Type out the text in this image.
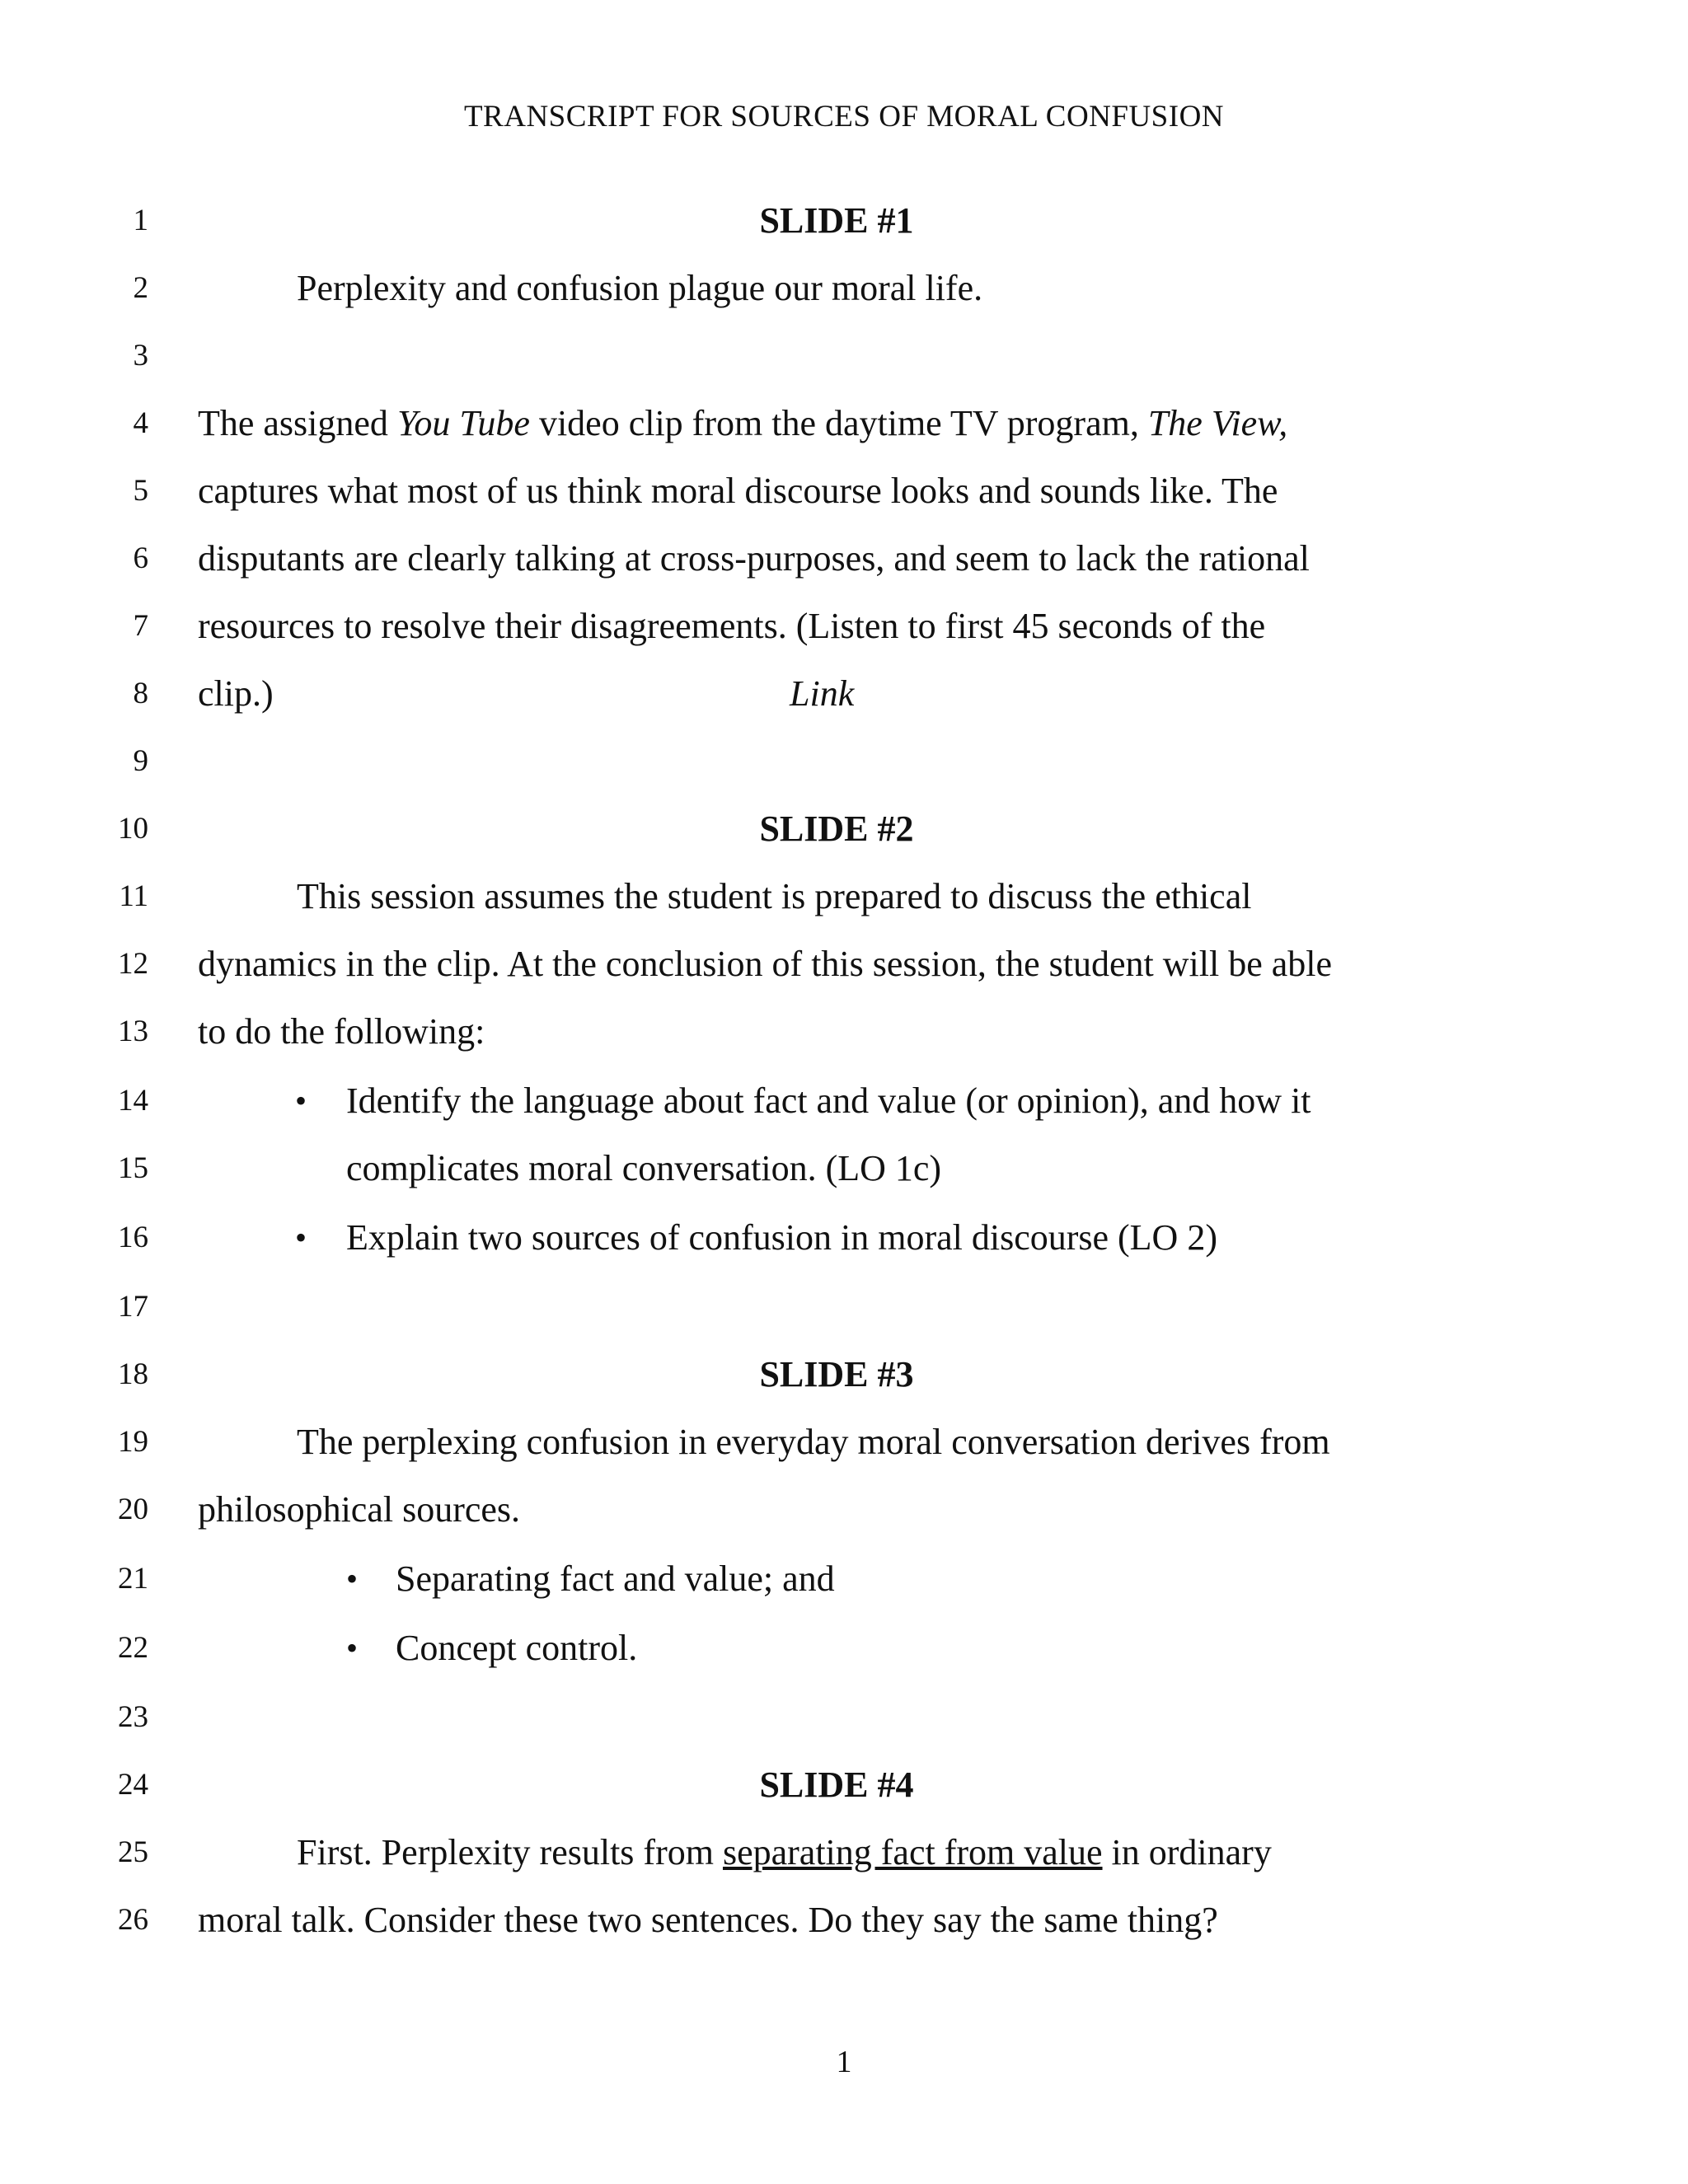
TRANSCRIPT FOR SOURCES OF MORAL CONFUSION
1
2
3
4
5
6
7
8
9
10
11
12
13
14
15
16
17
18
19
20
21
22
23
24
25
26
SLIDE #1
Perplexity and confusion plague our moral life.
The assigned You Tube video clip from the daytime TV program, The View,
captures what most of us think moral discourse looks and sounds like. The
disputants are clearly talking at cross-purposes, and seem to lack the rational
resources to resolve their disagreements. (Listen to first 45 seconds of the
clip.)	Link
SLIDE #2
This session assumes the student is prepared to discuss the ethical
dynamics in the clip. At the conclusion of this session, the student will be able
to do the following:
• Identify the language about fact and value (or opinion), and how it
complicates moral conversation. (LO 1c)
• Explain two sources of confusion in moral discourse (LO 2)
SLIDE #3
The perplexing confusion in everyday moral conversation derives from
philosophical sources.
• Separating fact and value; and
• Concept control.
SLIDE #4
First. Perplexity results from separating fact from value in ordinary
moral talk. Consider these two sentences. Do they say the same thing?
1
